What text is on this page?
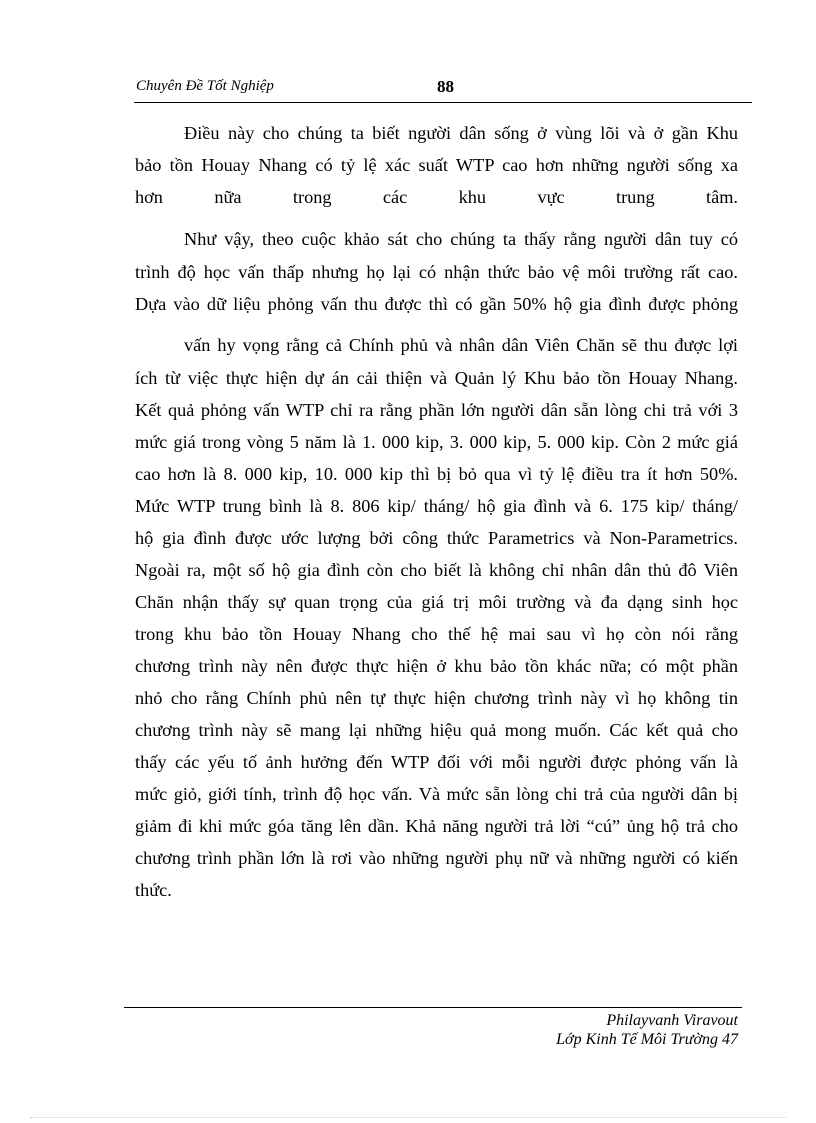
Chuyên Đề Tốt Nghiệp	88
Điều này cho chúng ta biết người dân sống ở vùng lõi và ở gần Khu
bảo tồn Houay Nhang có tỷ lệ xác suất WTP cao hơn những người sống xa
hơn nữa trong các khu vực trung tâm.
Như vậy, theo cuộc khảo sát cho chúng ta thấy rằng người dân tuy có
trình độ học vấn thấp nhưng họ lại có nhận thức bảo vệ môi trường rất cao.
Dựa vào dữ liệu phỏng vấn thu được thì có gần 50% hộ gia đình được phỏng
vấn hy vọng rằng cả Chính phủ và nhân dân Viên Chăn sẽ thu được lợi
ích từ việc thực hiện dự án cải thiện và Quản lý Khu bảo tồn Houay Nhang.
Kết quả phỏng vấn WTP chỉ ra rằng phần lớn người dân sẵn lòng chi trả với 3
mức giá trong vòng 5 năm là 1. 000 kip, 3. 000 kip, 5. 000 kip. Còn 2 mức giá
cao hơn là 8. 000 kip, 10. 000 kip thì bị bỏ qua vì tỷ lệ điều tra ít hơn 50%.
Mức WTP trung bình là 8. 806 kip/ tháng/ hộ gia đình và 6. 175 kip/ tháng/
hộ gia đình được ước lượng bởi công thức Parametrics và Non-Parametrics.
Ngoài ra, một số hộ gia đình còn cho biết là không chỉ nhân dân thủ đô Viên
Chăn nhận thấy sự quan trọng của giá trị môi trường và đa dạng sinh học
trong khu bảo tồn Houay Nhang cho thế hệ mai sau vì họ còn nói rằng
chương trình này nên được thực hiện ở khu bảo tồn khác nữa; có một phần
nhỏ cho rằng Chính phủ nên tự thực hiện chương trình này vì họ không tin
chương trình này sẽ mang lại những hiệu quả mong muốn. Các kết quả cho
thấy các yếu tố ảnh hưởng đến WTP đối với mỗi người được phỏng vấn là
mức giỏ, giới tính, trình độ học vấn. Và mức sẵn lòng chi trả của người dân bị
giảm đi khi mức góa tăng lên dần. Khả năng người trả lời “cú” ủng hộ trả cho
chương trình phần lớn là rơi vào những người phụ nữ và những người có kiến
thức.
Philayvanh Viravout
Lớp Kinh Tế Môi Trường 47
